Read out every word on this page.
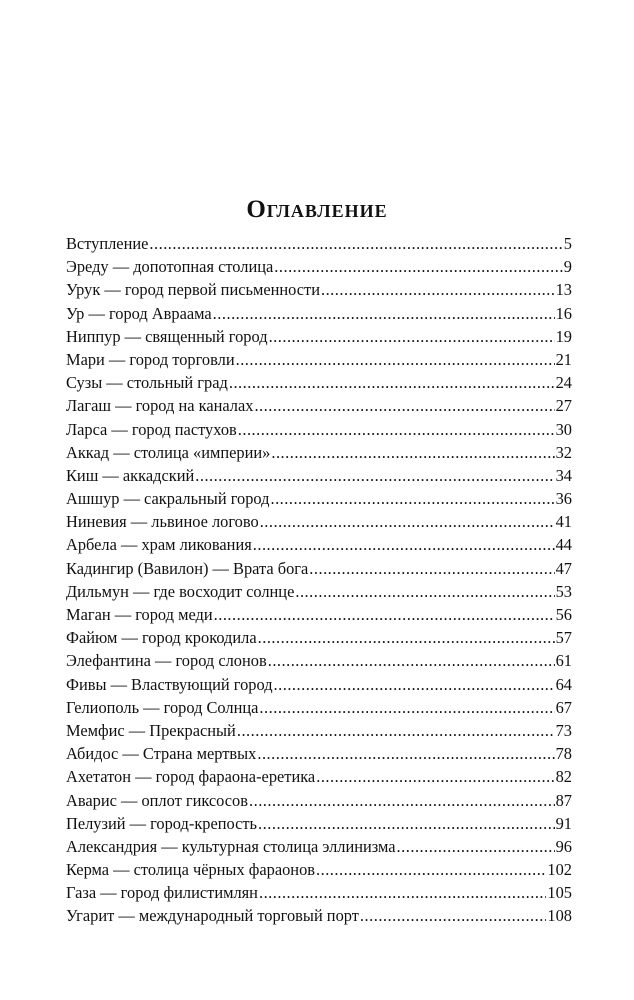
Оглавление
Вступление .....	5
Эреду — допотопная столица .....	9
Урук — город первой письменности .....	13
Ур — город Авраама .....	16
Ниппур — священный город .....	19
Мари — город торговли .....	21
Сузы — стольный град .....	24
Лагаш — город на каналах .....	27
Ларса — город пастухов .....	30
Аккад — столица «империи» .....	32
Киш — аккадский .....	34
Ашшур — сакральный город .....	36
Ниневия — львиное логово .....	41
Арбела — храм ликования .....	44
Кадингир (Вавилон) — Врата бога .....	47
Дильмун — где восходит солнце .....	53
Маган — город меди .....	56
Файюм — город крокодила .....	57
Элефантина — город слонов .....	61
Фивы — Властвующий город .....	64
Гелиополь — город Солнца .....	67
Мемфис — Прекрасный .....	73
Абидос — Страна мертвых .....	78
Ахетатон — город фараона-еретика .....	82
Аварис — оплот гиксосов .....	87
Пелузий — город-крепость .....	91
Александрия — культурная столица эллинизма .....	96
Керма — столица чёрных фараонов .....	102
Газа — город филистимлян .....	105
Угарит — международный торговый порт .....	108
